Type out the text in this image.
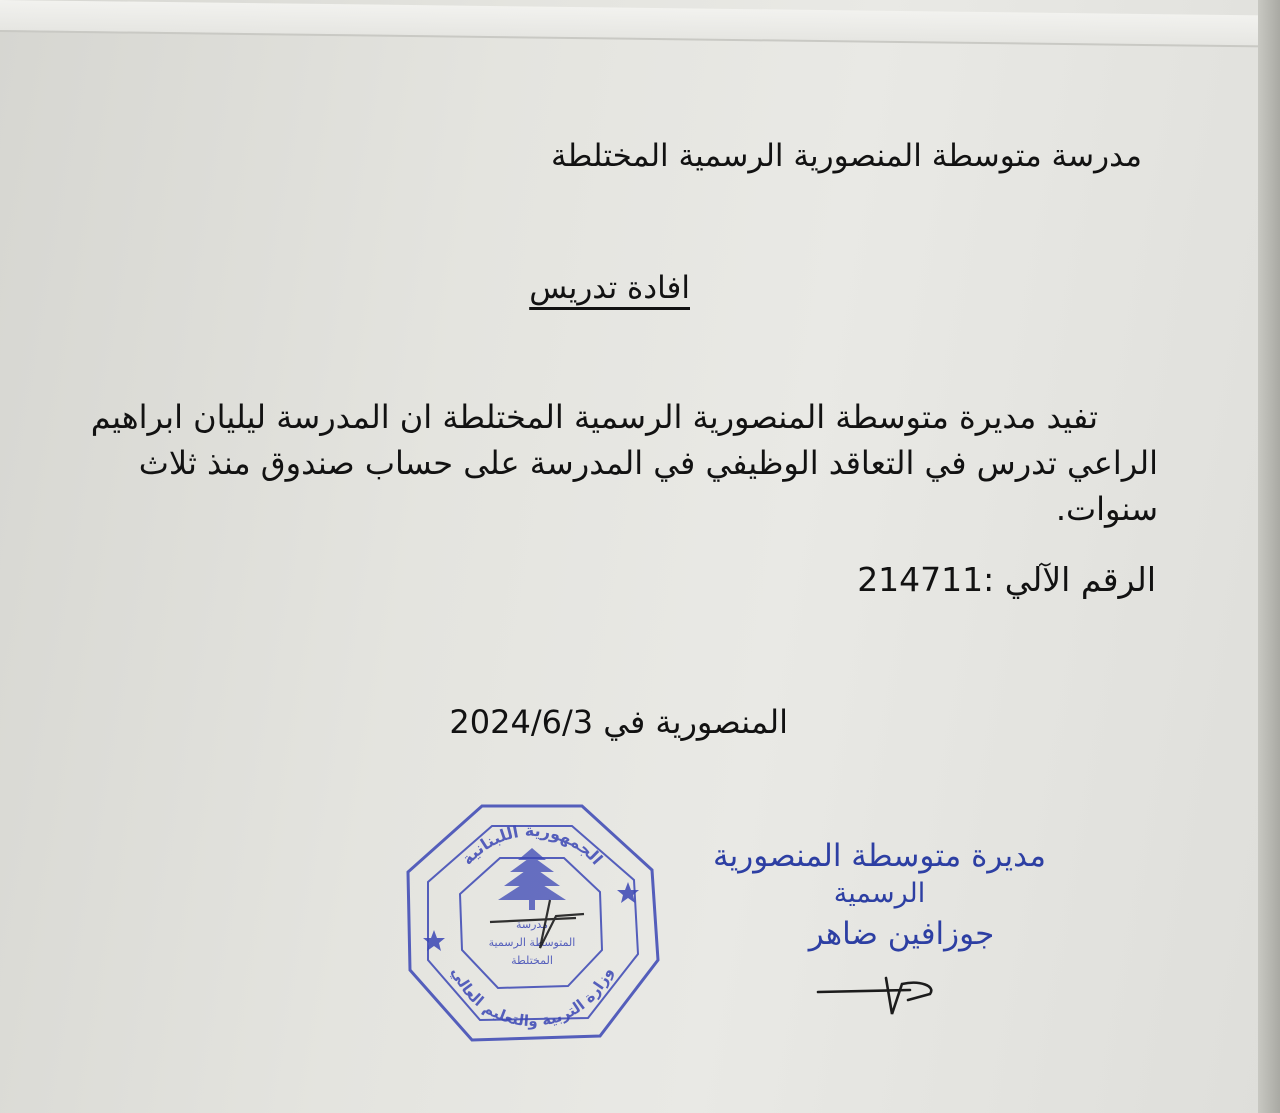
مدرسة متوسطة المنصورية الرسمية المختلطة
افادة تدريس

تفيد مديرة متوسطة المنصورية الرسمية المختلطة ان المدرسة ليليان ابراهيم

الراعي تدرس في التعاقد الوظيفي في المدرسة على حساب صندوق منذ ثلاث

سنوات.

الرقم الآلي :214711
المنصورية في 2024/6/3
الجمهورية اللبنانية
وزارة التربية والتعليم العالي
مدرسة
المتوسطة الرسمية
المختلطة
مديرة متوسطة المنصورية
الرسمية
جوزافين ضاهر
